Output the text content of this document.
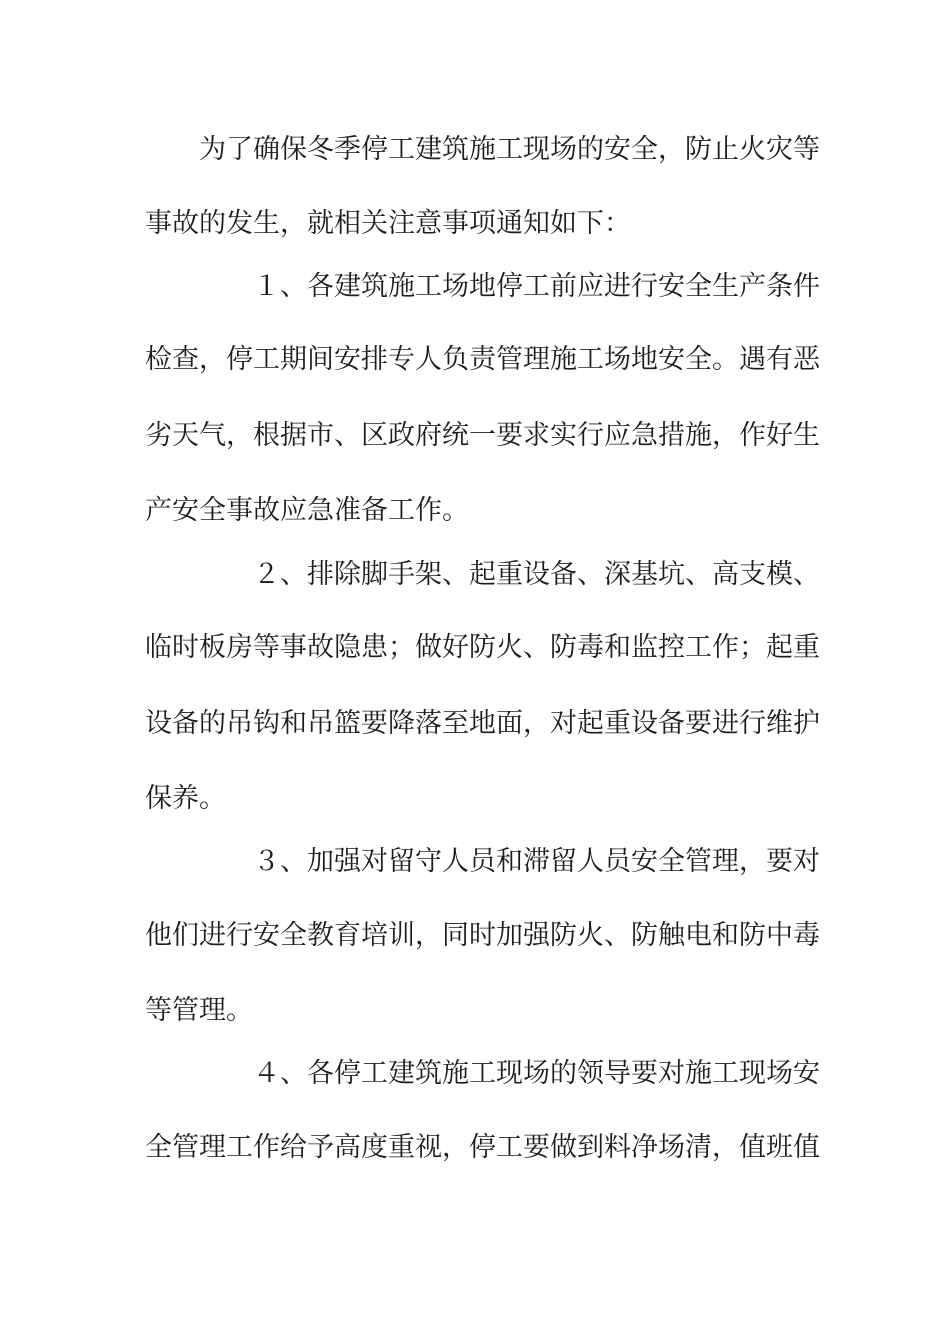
为了确保冬季停工建筑施工现场的安全，防止火灾等

事故的发生，就相关注意事项通知如下：

１、各建筑施工场地停工前应进行安全生产条件

检查，停工期间安排专人负责管理施工场地安全。遇有恶

劣天气，根据市、区政府统一要求实行应急措施，作好生

产安全事故应急准备工作。

２、排除脚手架、起重设备、深基坑、高支模、

临时板房等事故隐患；做好防火、防毒和监控工作；起重

设备的吊钩和吊篮要降落至地面，对起重设备要进行维护

保养。

３、加强对留守人员和滞留人员安全管理，要对

他们进行安全教育培训，同时加强防火、防触电和防中毒

等管理。

４、各停工建筑施工现场的领导要对施工现场安

全管理工作给予高度重视，停工要做到料净场清，值班值
